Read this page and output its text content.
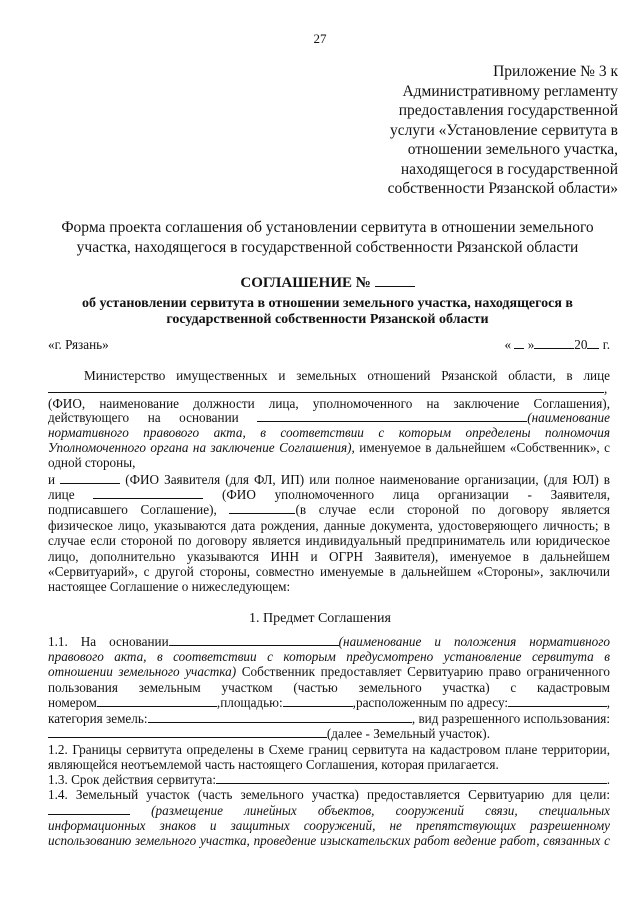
27
Приложение № 3 к
Административному регламенту
предоставления государственной
услуги «Установление сервитута в
отношении земельного участка,
находящегося в государственной
собственности Рязанской области»
Форма проекта соглашения об установлении сервитута в отношении земельного
участка, находящегося в государственной собственности Рязанской области
СОГЛАШЕНИЕ №
об установлении сервитута в отношении земельного участка, находящегося в
государственной собственности Рязанской области
«г. Рязань»	« »	20 г.
Министерство имущественных и земельных отношений Рязанской области, в лице
,
(ФИО, наименование должности лица, уполномоченного на заключение Соглашения),
действующего на основании	(наименование
нормативного правового акта, в соответствии с которым определены полномочия
Уполномоченного органа на заключение Соглашения), именуемое в дальнейшем «Собственник», с
одной стороны,
и	(ФИО Заявителя (для ФЛ, ИП) или полное наименование организации, (для ЮЛ) в
лице	(ФИО уполномоченного лица организации - Заявителя,
подписавшего Соглашение),	(в случае если стороной по договору является
физическое лицо, указываются дата рождения, данные документа, удостоверяющего личность; в
случае если стороной по договору является индивидуальный предприниматель или юридическое
лицо, дополнительно указываются ИНН и ОГРН Заявителя), именуемое в дальнейшем
«Сервитуарий», с другой стороны, совместно именуемые в дальнейшем «Стороны», заключили
настоящее Соглашение о нижеследующем:
1. Предмет Соглашения
1.1. На основании	(наименование и положения нормативного
правового акта, в соответствии с которым предусмотрено установление сервитута в
отношении земельного участка) Собственник предоставляет Сервитуарию право ограниченного
пользования земельным участком (частью земельного участка) с кадастровым
номером	,площадью:	,расположенным по адресу:	,
категория земель:	, вид разрешенного использования:
(далее - Земельный участок).
1.2. Границы сервитута определены в Схеме границ сервитута на кадастровом плане территории,
являющейся неотъемлемой часть настоящего Соглашения, которая прилагается.
1.3. Срок действия сервитута:	.
1.4. Земельный участок (часть земельного участка) предоставляется Сервитуарию для цели:
(размещение линейных объектов, сооружений связи, специальных
информационных знаков и защитных сооружений, не препятствующих разрешенному
использованию земельного участка, проведение изыскательских работ ведение работ, связанных с
